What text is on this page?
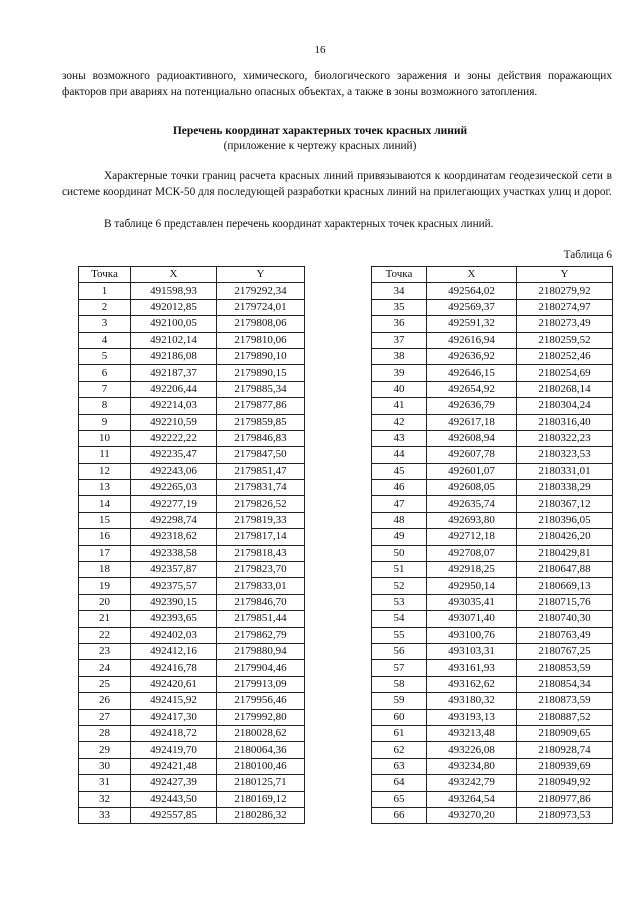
16
зоны возможного радиоактивного, химического, биологического заражения и зоны действия поражающих факторов при авариях на потенциально опасных объектах, а также в зоны возможного затопления.
Перечень координат характерных точек красных линий
(приложение к чертежу красных линий)
Характерные точки границ расчета красных линий привязываются к координатам геодезической сети в системе координат МСК-50 для последующей разработки красных линий на прилегающих участках улиц и дорог.
В таблице 6 представлен перечень координат характерных точек красных линий.
Таблица 6
Точка	X	Y
1	491598,93	2179292,34
2	492012,85	2179724,01
3	492100,05	2179808,06
4	492102,14	2179810,06
5	492186,08	2179890,10
6	492187,37	2179890,15
7	492206,44	2179885,34
8	492214,03	2179877,86
9	492210,59	2179859,85
10	492222,22	2179846,83
11	492235,47	2179847,50
12	492243,06	2179851,47
13	492265,03	2179831,74
14	492277,19	2179826,52
15	492298,74	2179819,33
16	492318,62	2179817,14
17	492338,58	2179818,43
18	492357,87	2179823,70
19	492375,57	2179833,01
20	492390,15	2179846,70
21	492393,65	2179851,44
22	492402,03	2179862,79
23	492412,16	2179880,94
24	492416,78	2179904,46
25	492420,61	2179913,09
26	492415,92	2179956,46
27	492417,30	2179992,80
28	492418,72	2180028,62
29	492419,70	2180064,36
30	492421,48	2180100,46
31	492427,39	2180125,71
32	492443,50	2180169,12
33	492557,85	2180286,32
Точка	X	Y
34	492564,02	2180279,92
35	492569,37	2180274,97
36	492591,32	2180273,49
37	492616,94	2180259,52
38	492636,92	2180252,46
39	492646,15	2180254,69
40	492654,92	2180268,14
41	492636,79	2180304,24
42	492617,18	2180316,40
43	492608,94	2180322,23
44	492607,78	2180323,53
45	492601,07	2180331,01
46	492608,05	2180338,29
47	492635,74	2180367,12
48	492693,80	2180396,05
49	492712,18	2180426,20
50	492708,07	2180429,81
51	492918,25	2180647,88
52	492950,14	2180669,13
53	493035,41	2180715,76
54	493071,40	2180740,30
55	493100,76	2180763,49
56	493103,31	2180767,25
57	493161,93	2180853,59
58	493162,62	2180854,34
59	493180,32	2180873,59
60	493193,13	2180887,52
61	493213,48	2180909,65
62	493226,08	2180928,74
63	493234,80	2180939,69
64	493242,79	2180949,92
65	493264,54	2180977,86
66	493270,20	2180973,53
